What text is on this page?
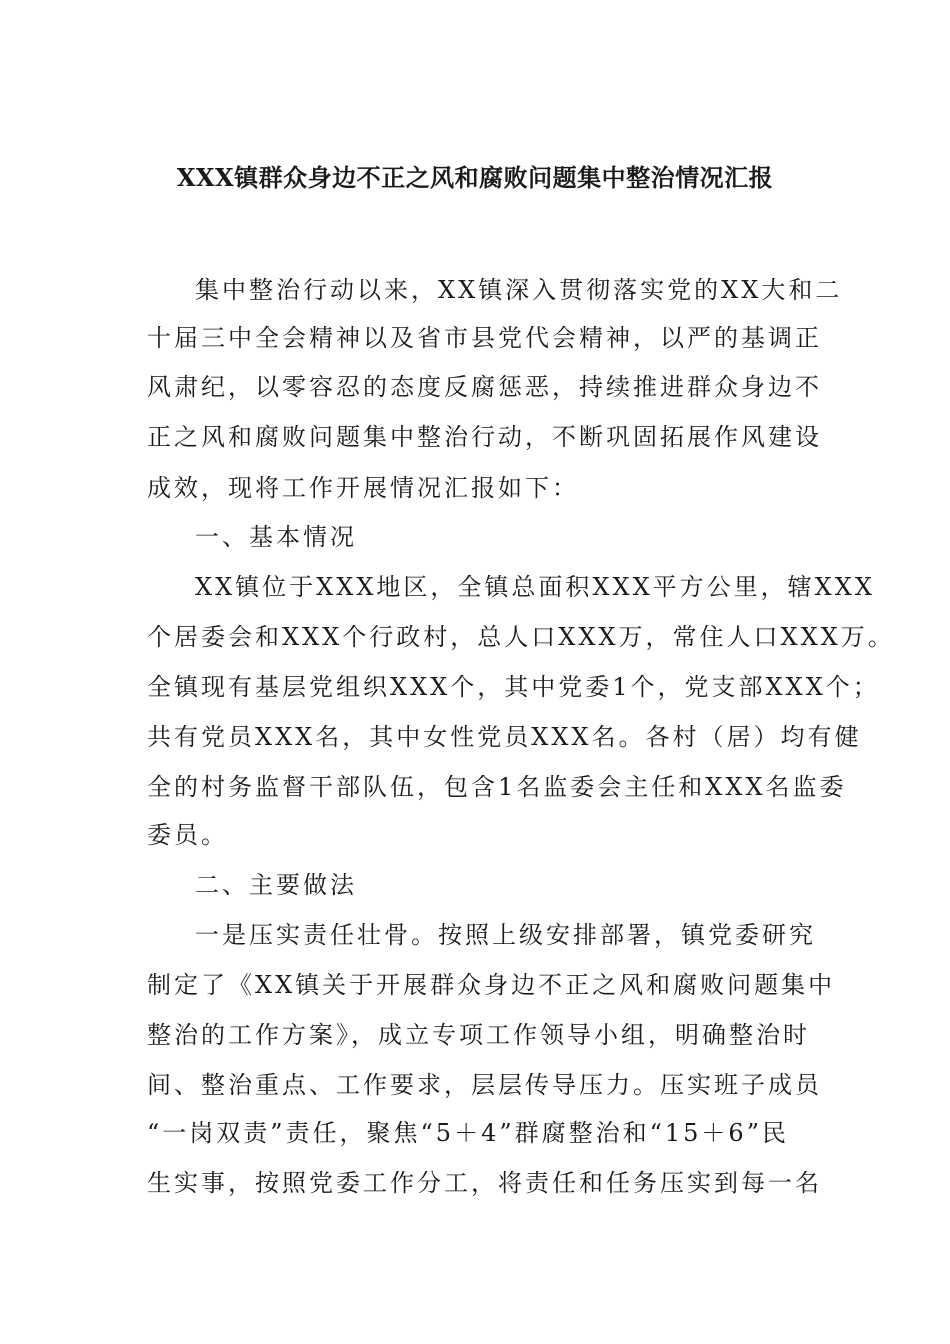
XXX镇群众身边不正之风和腐败问题集中整治情况汇报

集中整治行动以来，XX镇深入贯彻落实党的XX大和二

十届三中全会精神以及省市县党代会精神，以严的基调正

风肃纪，以零容忍的态度反腐惩恶，持续推进群众身边不

正之风和腐败问题集中整治行动，不断巩固拓展作风建设

成效，现将工作开展情况汇报如下：

一、基本情况

XX镇位于XXX地区，全镇总面积XXX平方公里，辖XXX

个居委会和XXX个行政村，总人口XXX万，常住人口XXX万。

全镇现有基层党组织XXX个，其中党委1个，党支部XXX个；

共有党员XXX名，其中女性党员XXX名。各村（居）均有健

全的村务监督干部队伍，包含1名监委会主任和XXX名监委

委员。

二、主要做法

一是压实责任壮骨。按照上级安排部署，镇党委研究

制定了《XX镇关于开展群众身边不正之风和腐败问题集中

整治的工作方案》，成立专项工作领导小组，明确整治时

间、整治重点、工作要求，层层传导压力。压实班子成员

“一岗双责”责任，聚焦“5＋4”群腐整治和“15＋6”民

生实事，按照党委工作分工，将责任和任务压实到每一名
